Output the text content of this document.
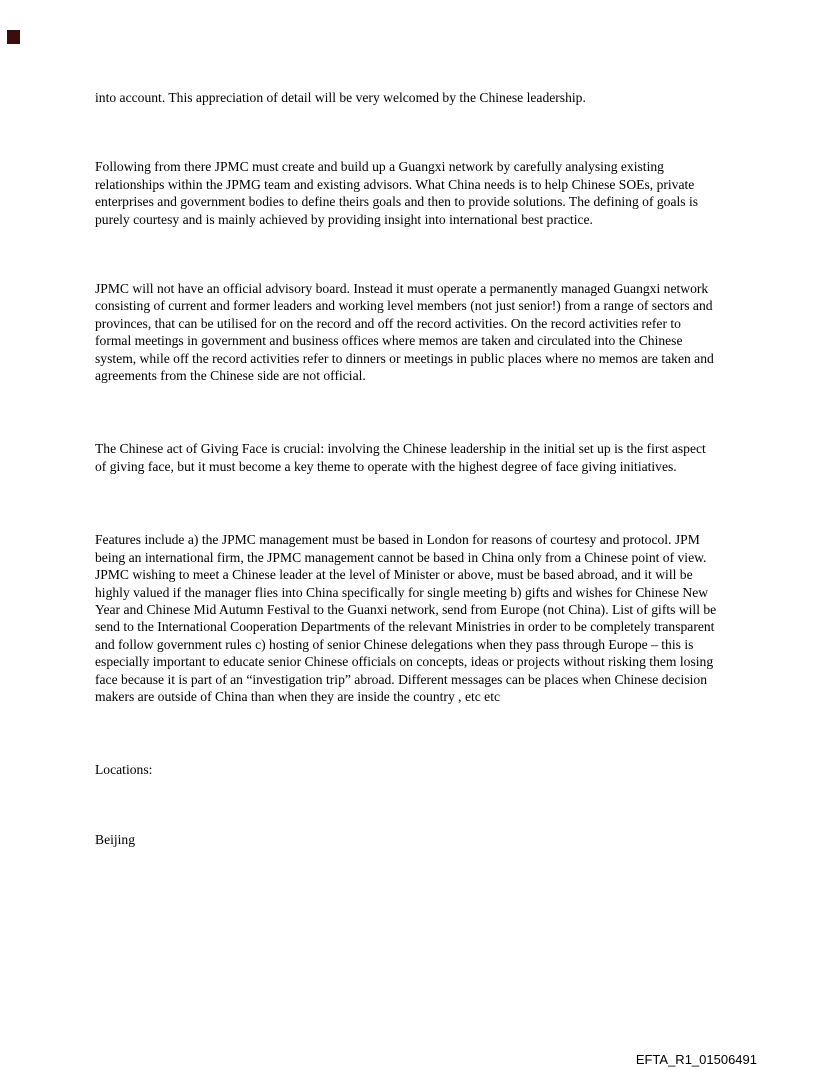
into account. This appreciation of detail will be very welcomed by the Chinese leadership.

Following from there JPMC must create and build up a Guangxi network by carefully analysing existing relationships within the JPMG team and existing advisors. What China needs is to help Chinese SOEs, private enterprises and government bodies to define theirs goals and then to provide solutions. The defining of goals is purely courtesy and is mainly achieved by providing insight into international best practice.

JPMC will not have an official advisory board. Instead it must operate a permanently managed Guangxi network consisting of current and former leaders and working level members (not just senior!) from a range of sectors and provinces, that can be utilised for on the record and off the record activities. On the record activities refer to formal meetings in government and business offices where memos are taken and circulated into the Chinese system, while off the record activities refer to dinners or meetings in public places where no memos are taken and agreements from the Chinese side are not official.

The Chinese act of Giving Face is crucial: involving the Chinese leadership in the initial set up is the first aspect of giving face, but it must become a key theme to operate with the highest degree of face giving initiatives.

Features include a) the JPMC management must be based in London for reasons of courtesy and protocol. JPM being an international firm, the JPMC management cannot be based in China only from a Chinese point of view. JPMC wishing to meet a Chinese leader at the level of Minister or above, must be based abroad, and it will be highly valued if the manager flies into China specifically for single meeting b) gifts and wishes for Chinese New Year and Chinese Mid Autumn Festival to the Guanxi network, send from Europe (not China). List of gifts will be send to the International Cooperation Departments of the relevant Ministries in order to be completely transparent and follow government rules c) hosting of senior Chinese delegations when they pass through Europe – this is especially important to educate senior Chinese officials on concepts, ideas or projects without risking them losing face because it is part of an “investigation trip” abroad. Different messages can be places when Chinese decision makers are outside of China than when they are inside the country , etc etc

Locations:

Beijing

EFTA_R1_01506491
